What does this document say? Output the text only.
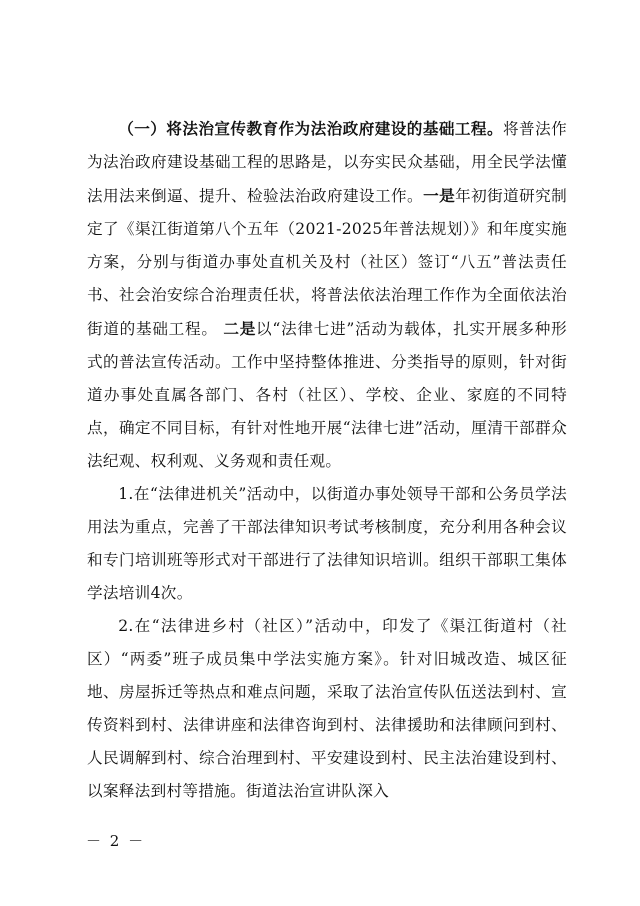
（一）将法治宣传教育作为法治政府建设的基础工程。将普法作为法治政府建设基础工程的思路是，以夯实民众基础，用全民学法懂法用法来倒逼、提升、检验法治政府建设工作。一是年初街道研究制定了《渠江街道第八个五年（2021-2025年普法规划）》和年度实施方案，分别与街道办事处直机关及村（社区）签订“八五”普法责任书、社会治安综合治理责任状，将普法依法治理工作作为全面依法治街道的基础工程。 二是以“法律七进”活动为载体，扎实开展多种形式的普法宣传活动。工作中坚持整体推进、分类指导的原则，针对街道办事处直属各部门、各村（社区）、学校、企业、家庭的不同特点，确定不同目标，有针对性地开展“法律七进”活动，厘清干部群众法纪观、权利观、义务观和责任观。

1.在“法律进机关”活动中，以街道办事处领导干部和公务员学法用法为重点，完善了干部法律知识考试考核制度，充分利用各种会议和专门培训班等形式对干部进行了法律知识培训。组织干部职工集体学法培训4次。

2.在“法律进乡村（社区）”活动中，印发了《渠江街道村（社区）“两委”班子成员集中学法实施方案》。针对旧城改造、城区征地、房屋拆迁等热点和难点问题，采取了法治宣传队伍送法到村、宣传资料到村、法律讲座和法律咨询到村、法律援助和法律顾问到村、人民调解到村、综合治理到村、平安建设到村、民主法治建设到村、以案释法到村等措施。街道法治宣讲队深入

－ 2 －
